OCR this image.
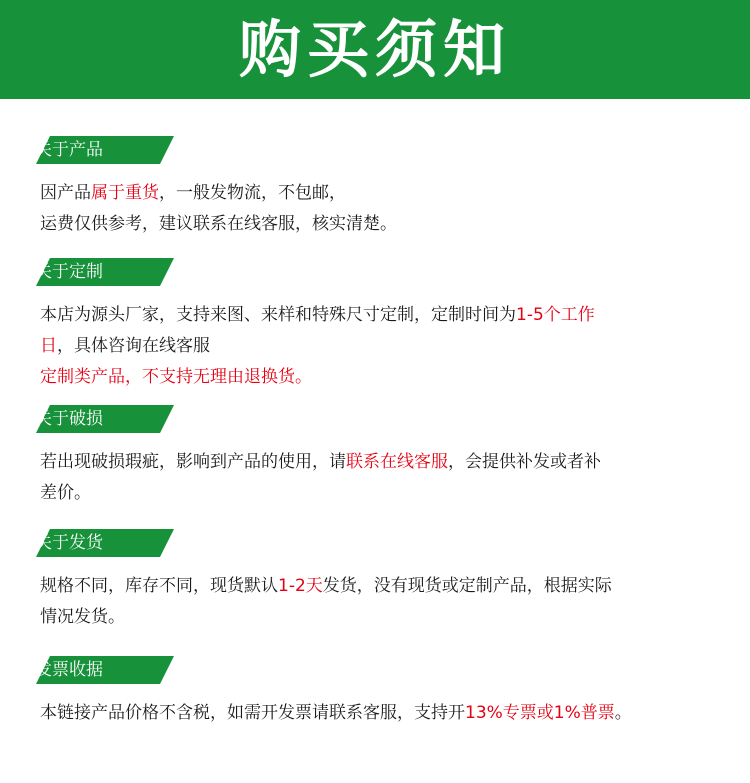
购买须知
关于产品
因产品属于重货，一般发物流，不包邮，
运费仅供参考，建议联系在线客服，核实清楚。
关于定制
本店为源头厂家，支持来图、来样和特殊尺寸定制，定制时间为1-5个工作
日，具体咨询在线客服
定制类产品，不支持无理由退换货。
关于破损
若出现破损瑕疵，影响到产品的使用，请联系在线客服，会提供补发或者补
差价。
关于发货
规格不同，库存不同，现货默认1-2天发货，没有现货或定制产品，根据实际
情况发货。
发票收据
本链接产品价格不含税，如需开发票请联系客服，支持开13%专票或1%普票。
